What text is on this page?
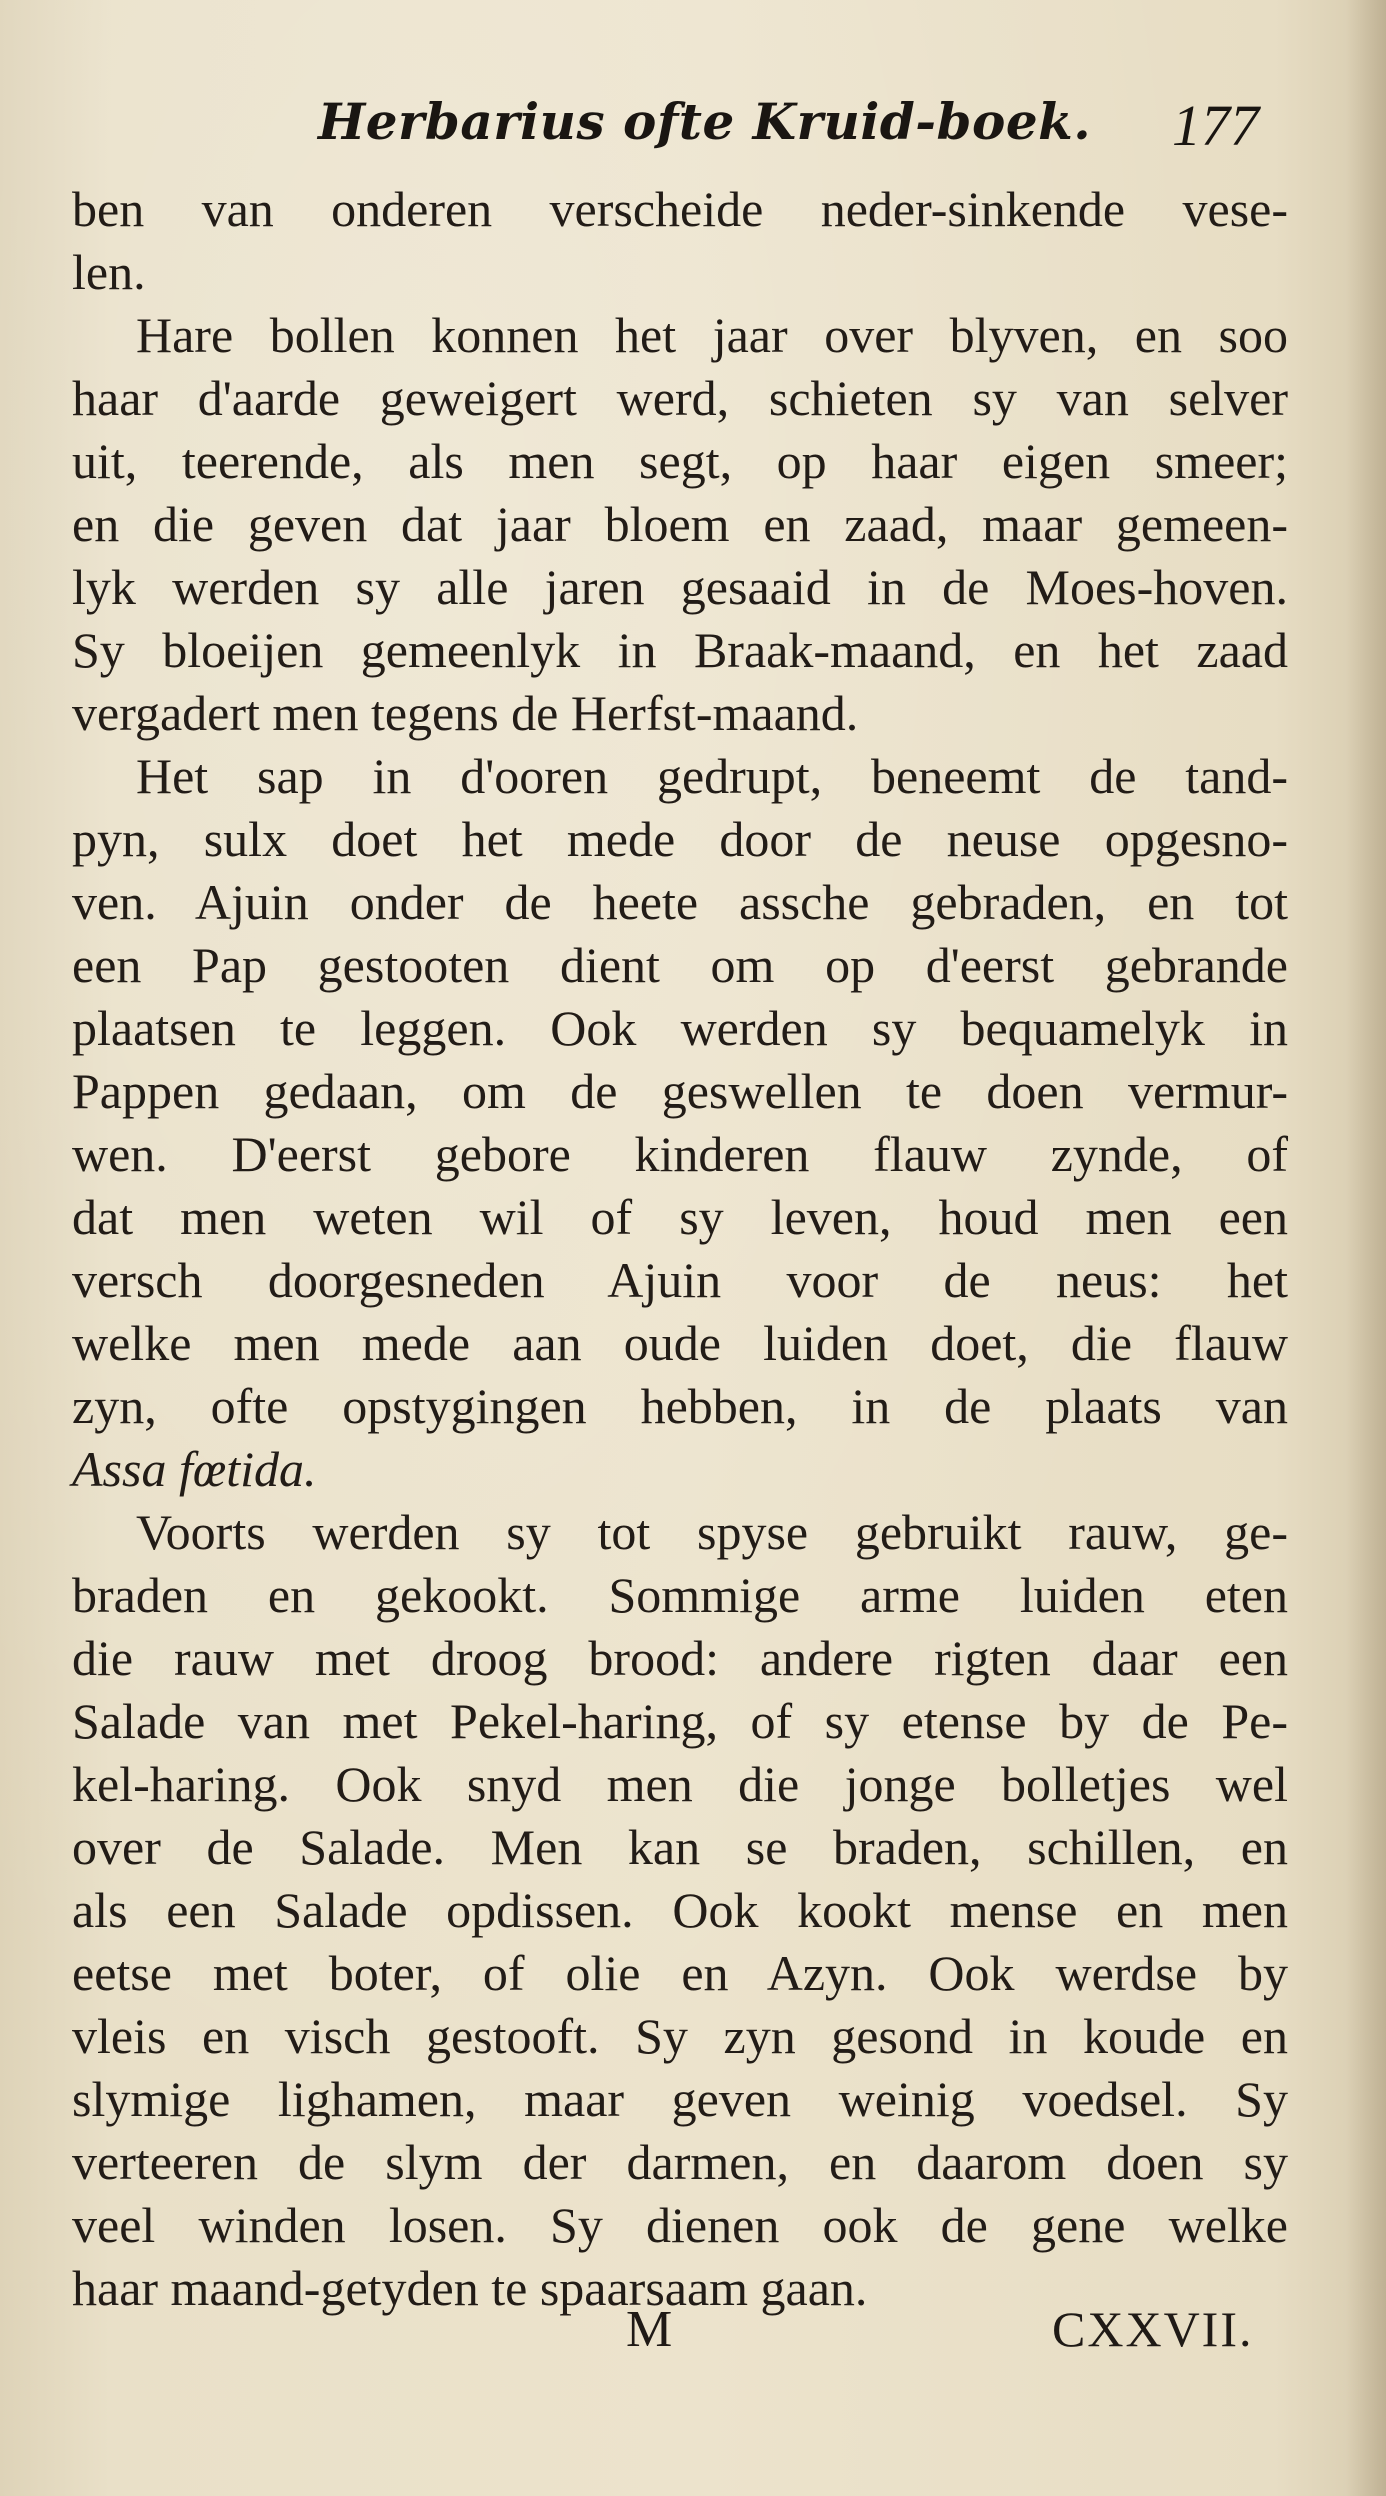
Herbarius ofte Kruid-boek. 177
ben van onderen verscheide neder-sinkende vese-
len.
Hare bollen konnen het jaar over blyven, en soo
haar d'aarde geweigert werd, schieten sy van selver
uit, teerende, als men segt, op haar eigen smeer;
en die geven dat jaar bloem en zaad, maar gemeen-
lyk werden sy alle jaren gesaaid in de Moes-hoven.
Sy bloeijen gemeenlyk in Braak-maand, en het zaad
vergadert men tegens de Herfst-maand.
Het sap in d'ooren gedrupt, beneemt de tand-
pyn, sulx doet het mede door de neuse opgesno-
ven. Ajuin onder de heete assche gebraden, en tot
een Pap gestooten dient om op d'eerst gebrande
plaatsen te leggen. Ook werden sy bequamelyk in
Pappen gedaan, om de geswellen te doen vermur-
wen. D'eerst gebore kinderen flauw zynde, of
dat men weten wil of sy leven, houd men een
versch doorgesneden Ajuin voor de neus: het
welke men mede aan oude luiden doet, die flauw
zyn, ofte opstygingen hebben, in de plaats van
Assa fœtida.
Voorts werden sy tot spyse gebruikt rauw, ge-
braden en gekookt. Sommige arme luiden eten
die rauw met droog brood: andere rigten daar een
Salade van met Pekel-haring, of sy etense by de Pe-
kel-haring. Ook snyd men die jonge bolletjes wel
over de Salade. Men kan se braden, schillen, en
als een Salade opdissen. Ook kookt mense en men
eetse met boter, of olie en Azyn. Ook werdse by
vleis en visch gestooft. Sy zyn gesond in koude en
slymige lighamen, maar geven weinig voedsel. Sy
verteeren de slym der darmen, en daarom doen sy
veel winden losen. Sy dienen ook de gene welke
haar maand-getyden te spaarsaam gaan.
M	CXXVII.
